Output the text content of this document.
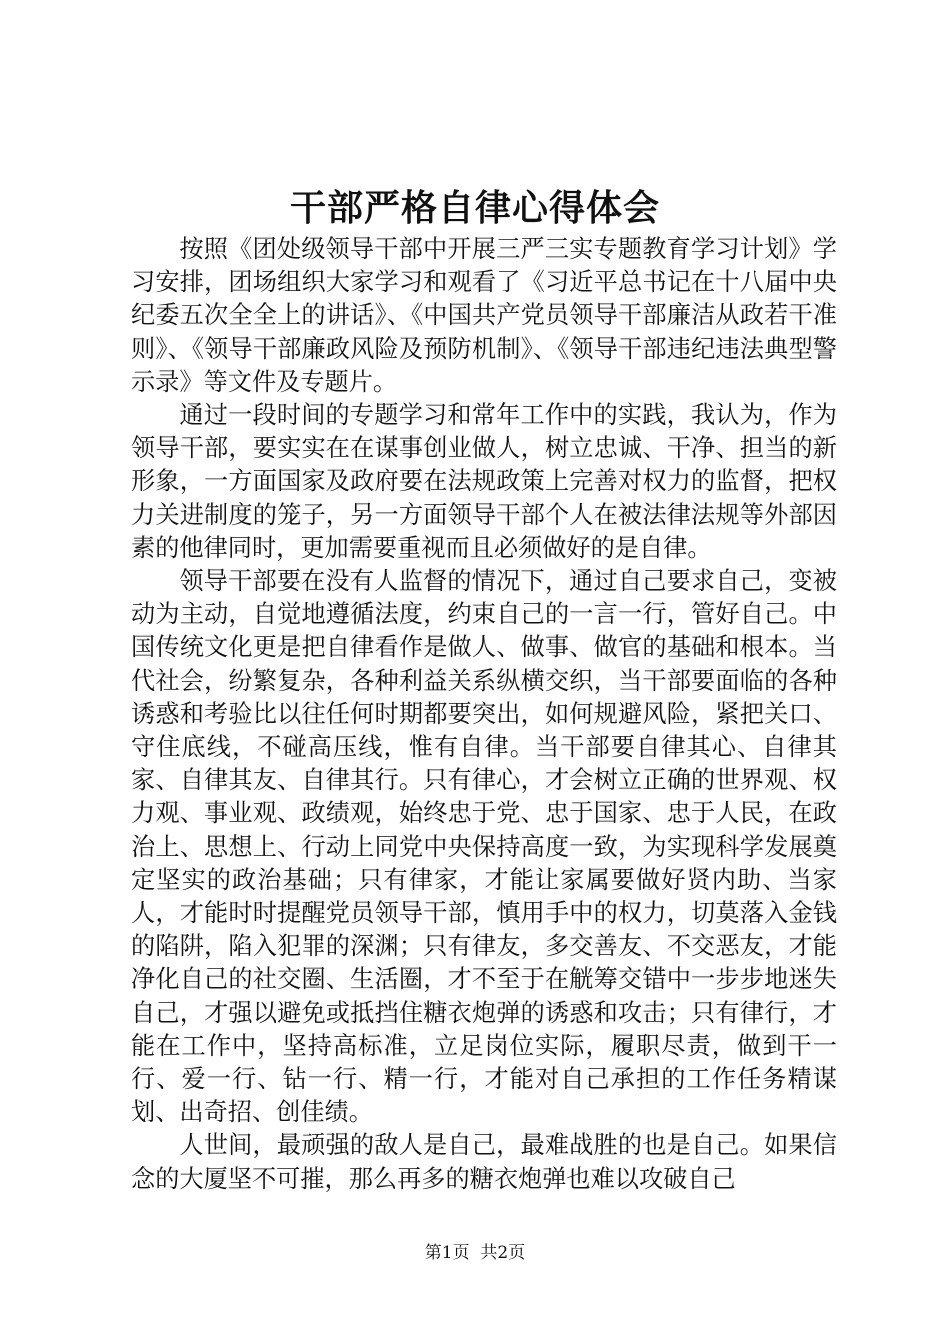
干部严格自律心得体会

按照《团处级领导干部中开展三严三实专题教育学习计划》学习安排，团场组织大家学习和观看了《习近平总书记在十八届中央纪委五次全全上的讲话》、《中国共产党员领导干部廉洁从政若干准则》、《领导干部廉政风险及预防机制》、《领导干部违纪违法典型警示录》等文件及专题片。

通过一段时间的专题学习和常年工作中的实践，我认为，作为领导干部，要实实在在谋事创业做人，树立忠诚、干净、担当的新形象，一方面国家及政府要在法规政策上完善对权力的监督，把权力关进制度的笼子，另一方面领导干部个人在被法律法规等外部因素的他律同时，更加需要重视而且必须做好的是自律。

领导干部要在没有人监督的情况下，通过自己要求自己，变被动为主动，自觉地遵循法度，约束自己的一言一行，管好自己。中国传统文化更是把自律看作是做人、做事、做官的基础和根本。当代社会，纷繁复杂，各种利益关系纵横交织，当干部要面临的各种诱惑和考验比以往任何时期都要突出，如何规避风险，紧把关口、守住底线，不碰高压线，惟有自律。当干部要自律其心、自律其家、自律其友、自律其行。只有律心，才会树立正确的世界观、权力观、事业观、政绩观，始终忠于党、忠于国家、忠于人民，在政治上、思想上、行动上同党中央保持高度一致，为实现科学发展奠定坚实的政治基础；只有律家，才能让家属要做好贤内助、当家人，才能时时提醒党员领导干部，慎用手中的权力，切莫落入金钱的陷阱，陷入犯罪的深渊；只有律友，多交善友、不交恶友，才能净化自己的社交圈、生活圈，才不至于在觥筹交错中一步步地迷失自己，才强以避免或抵挡住糖衣炮弹的诱惑和攻击；只有律行，才能在工作中，坚持高标准，立足岗位实际，履职尽责，做到干一行、爱一行、钻一行、精一行，才能对自己承担的工作任务精谋划、出奇招、创佳绩。

人世间，最顽强的敌人是自己，最难战胜的也是自己。如果信念的大厦坚不可摧，那么再多的糖衣炮弹也难以攻破自己

第1页 共2页
